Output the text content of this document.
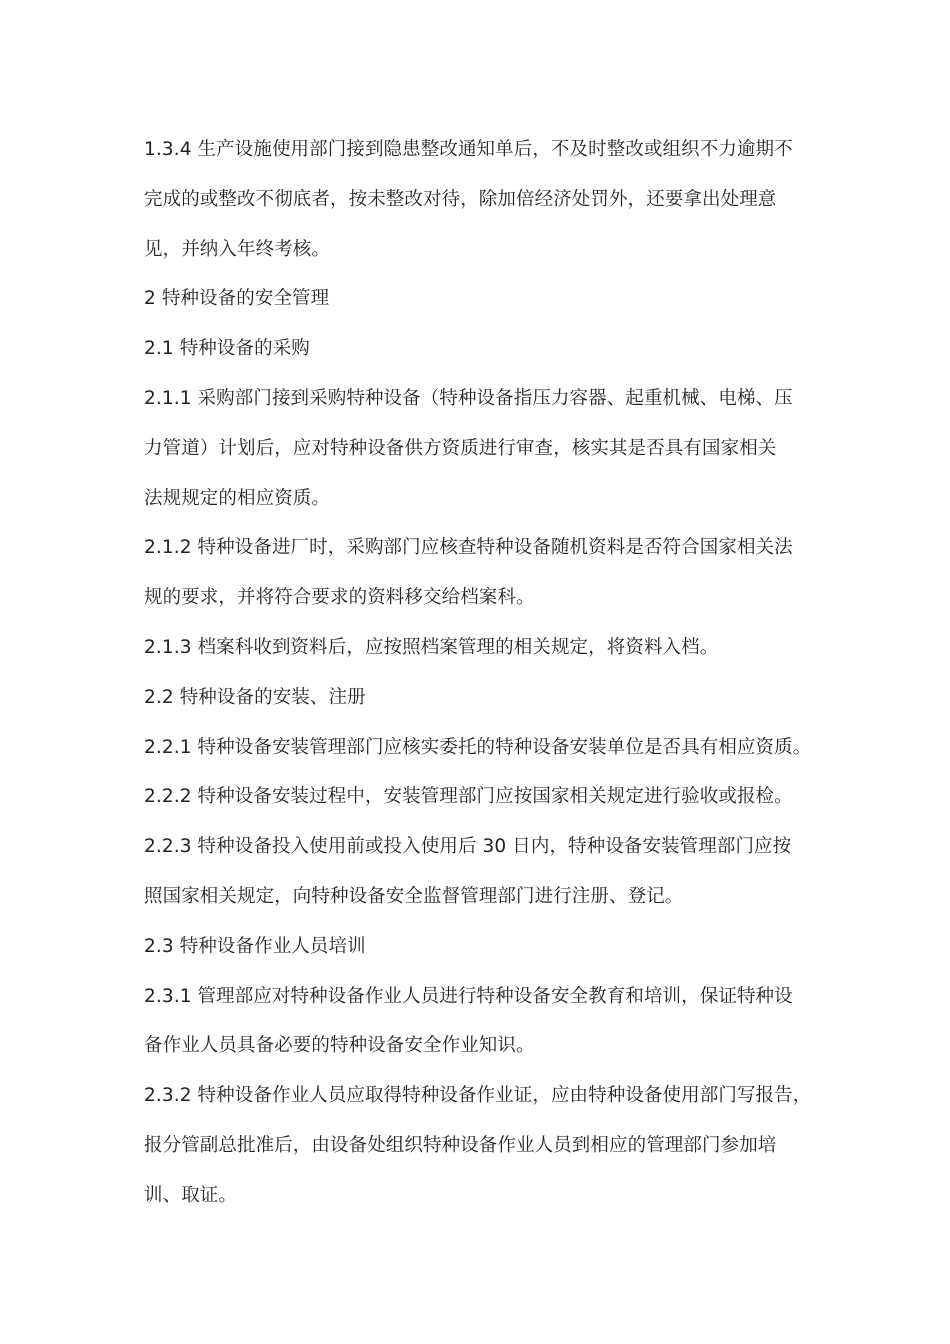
1.3.4 生产设施使用部门接到隐患整改通知单后，不及时整改或组织不力逾期不
完成的或整改不彻底者，按未整改对待，除加倍经济处罚外，还要拿出处理意
见，并纳入年终考核。
2 特种设备的安全管理
2.1 特种设备的采购
2.1.1 采购部门接到采购特种设备（特种设备指压力容器、起重机械、电梯、压
力管道）计划后，应对特种设备供方资质进行审查，核实其是否具有国家相关
法规规定的相应资质。
2.1.2 特种设备进厂时，采购部门应核查特种设备随机资料是否符合国家相关法
规的要求，并将符合要求的资料移交给档案科。
2.1.3 档案科收到资料后，应按照档案管理的相关规定，将资料入档。
2.2 特种设备的安装、注册
2.2.1 特种设备安装管理部门应核实委托的特种设备安装单位是否具有相应资质。
2.2.2 特种设备安装过程中，安装管理部门应按国家相关规定进行验收或报检。
2.2.3 特种设备投入使用前或投入使用后 30 日内，特种设备安装管理部门应按
照国家相关规定，向特种设备安全监督管理部门进行注册、登记。
2.3 特种设备作业人员培训
2.3.1 管理部应对特种设备作业人员进行特种设备安全教育和培训，保证特种设
备作业人员具备必要的特种设备安全作业知识。
2.3.2 特种设备作业人员应取得特种设备作业证，应由特种设备使用部门写报告，
报分管副总批准后，由设备处组织特种设备作业人员到相应的管理部门参加培
训、取证。
